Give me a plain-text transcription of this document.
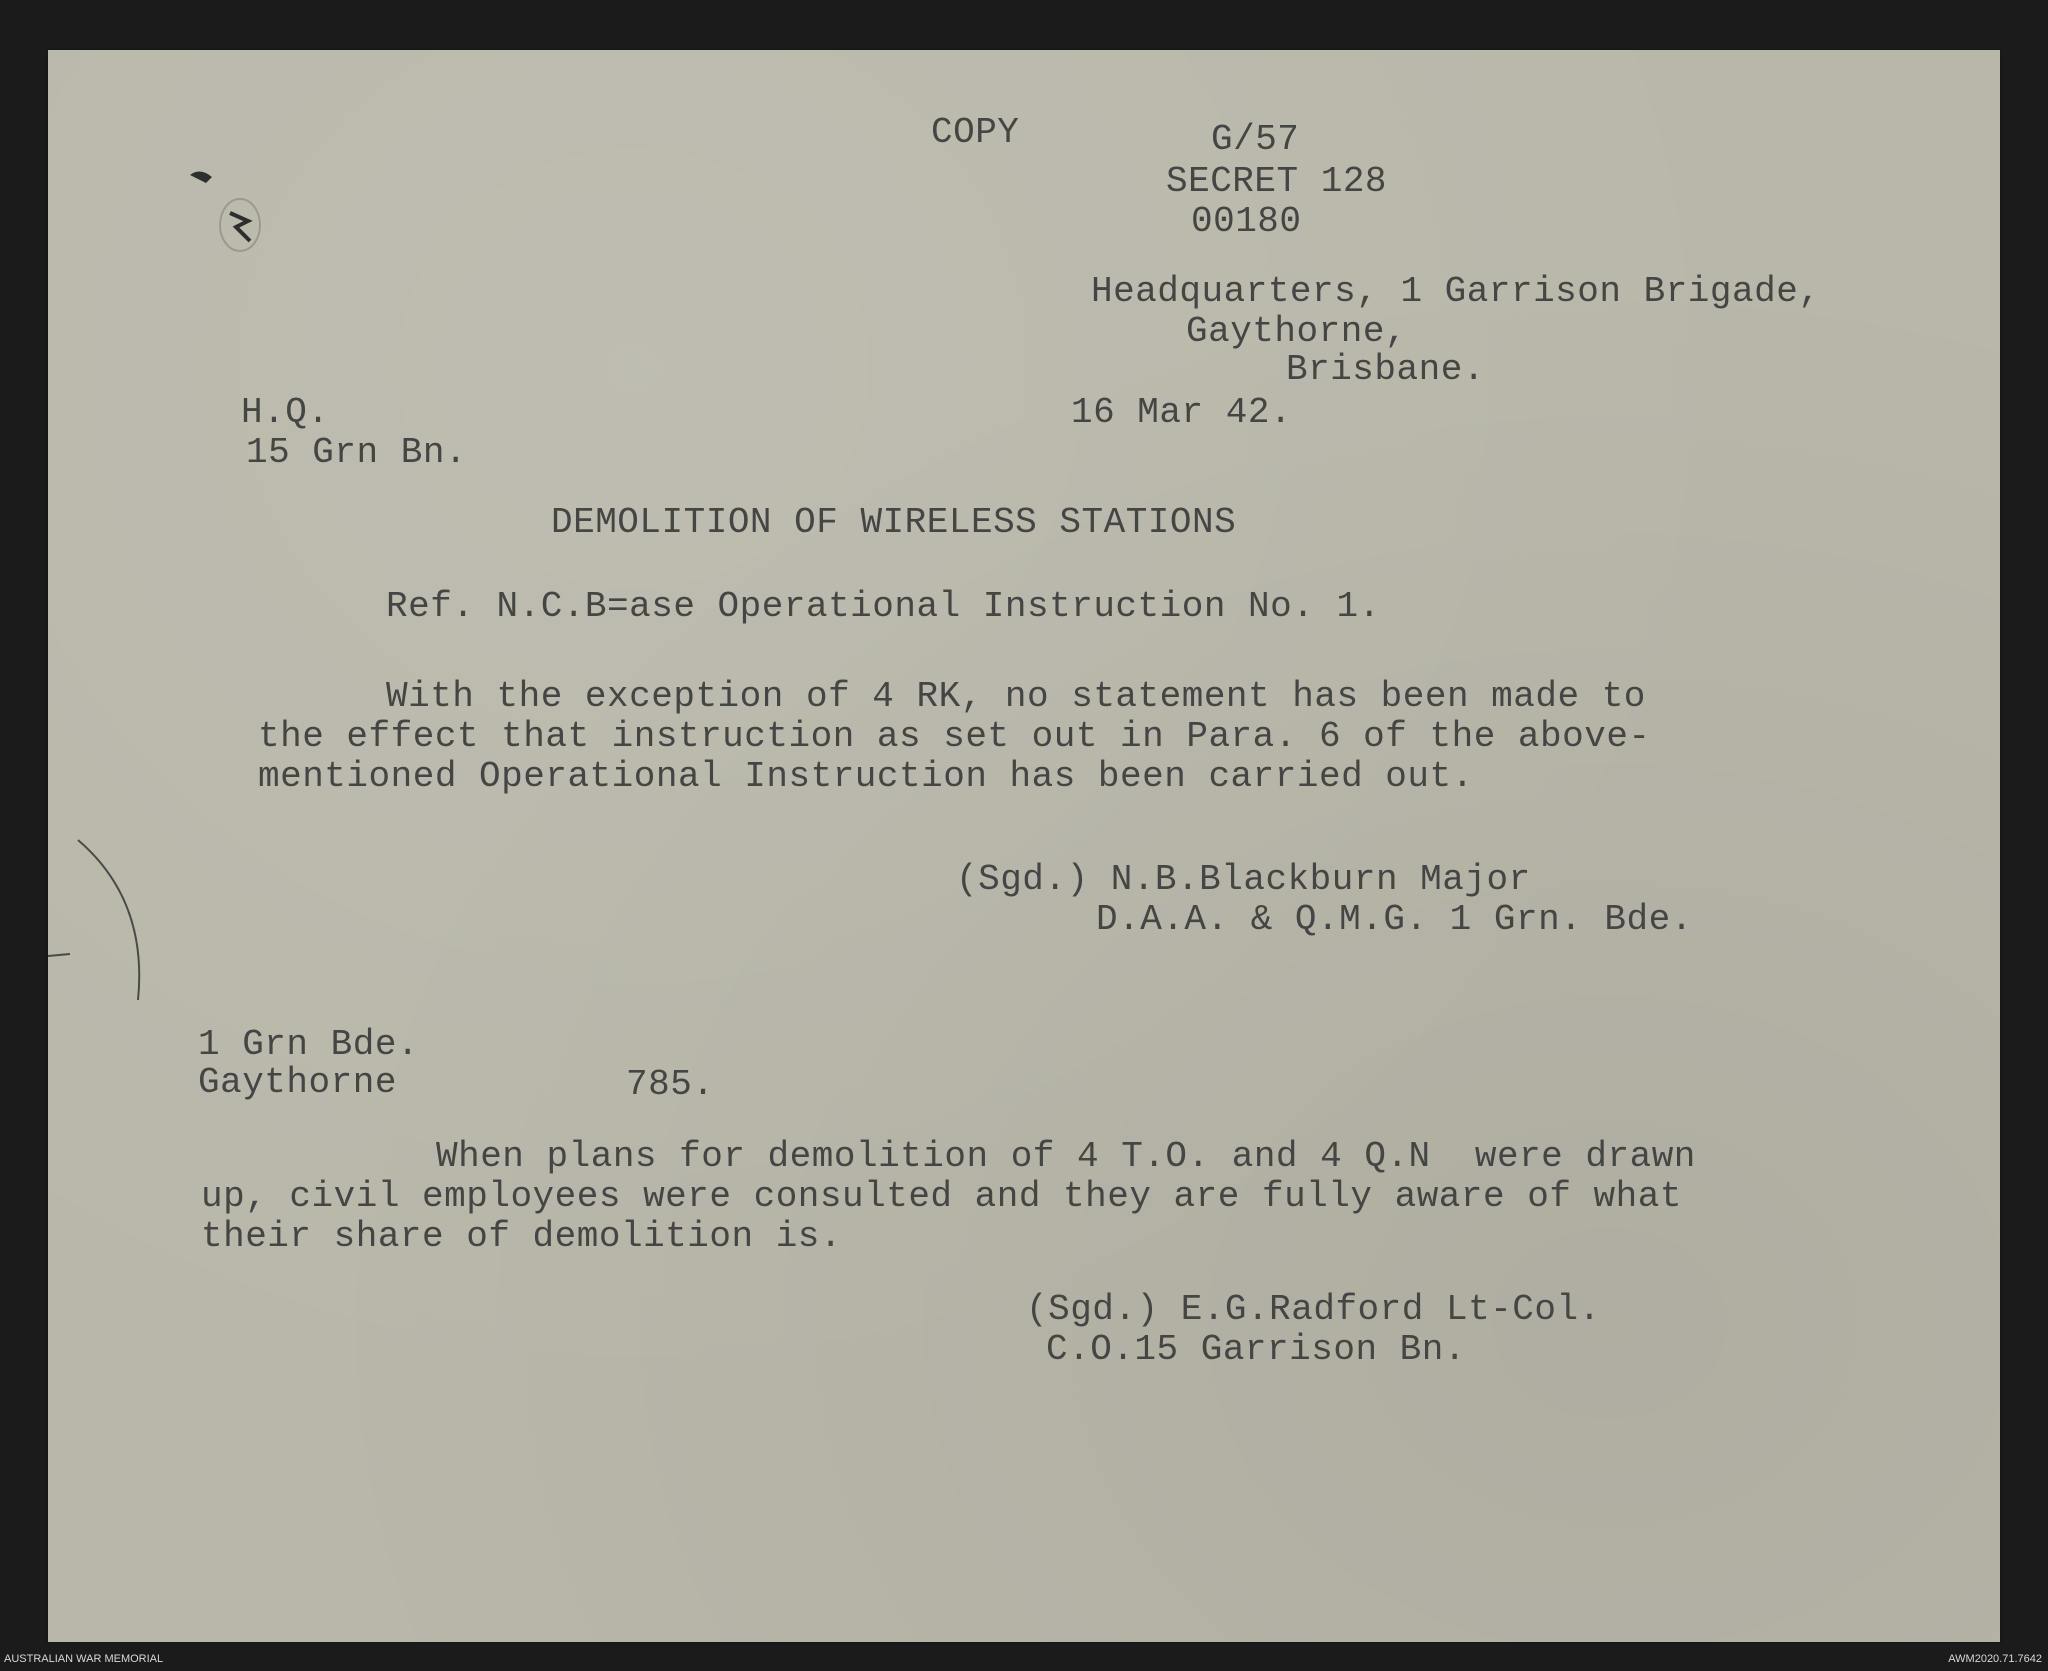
COPY	G/57
SECRET 128
00180
Headquarters, 1 Garrison Brigade,
Gaythorne,
Brisbane.
16 Mar 42.
H.Q.
15 Grn Bn.
DEMOLITION OF WIRELESS STATIONS
Ref. N.C.B=ase Operational Instruction No. 1.
With the exception of 4 RK, no statement has been made to
the effect that instruction as set out in Para. 6 of the above-
mentioned Operational Instruction has been carried out.
(Sgd.) N.B.Blackburn Major
D.A.A. & Q.M.G. 1 Grn. Bde.
1 Grn Bde.
Gaythorne	785.
When plans for demolition of 4 T.O. and 4 Q.N  were drawn
up, civil employees were consulted and they are fully aware of what
their share of demolition is.
(Sgd.) E.G.Radford Lt-Col.
C.O.15 Garrison Bn.
AUSTRALIAN WAR MEMORIAL	AWM2020.71.7642
